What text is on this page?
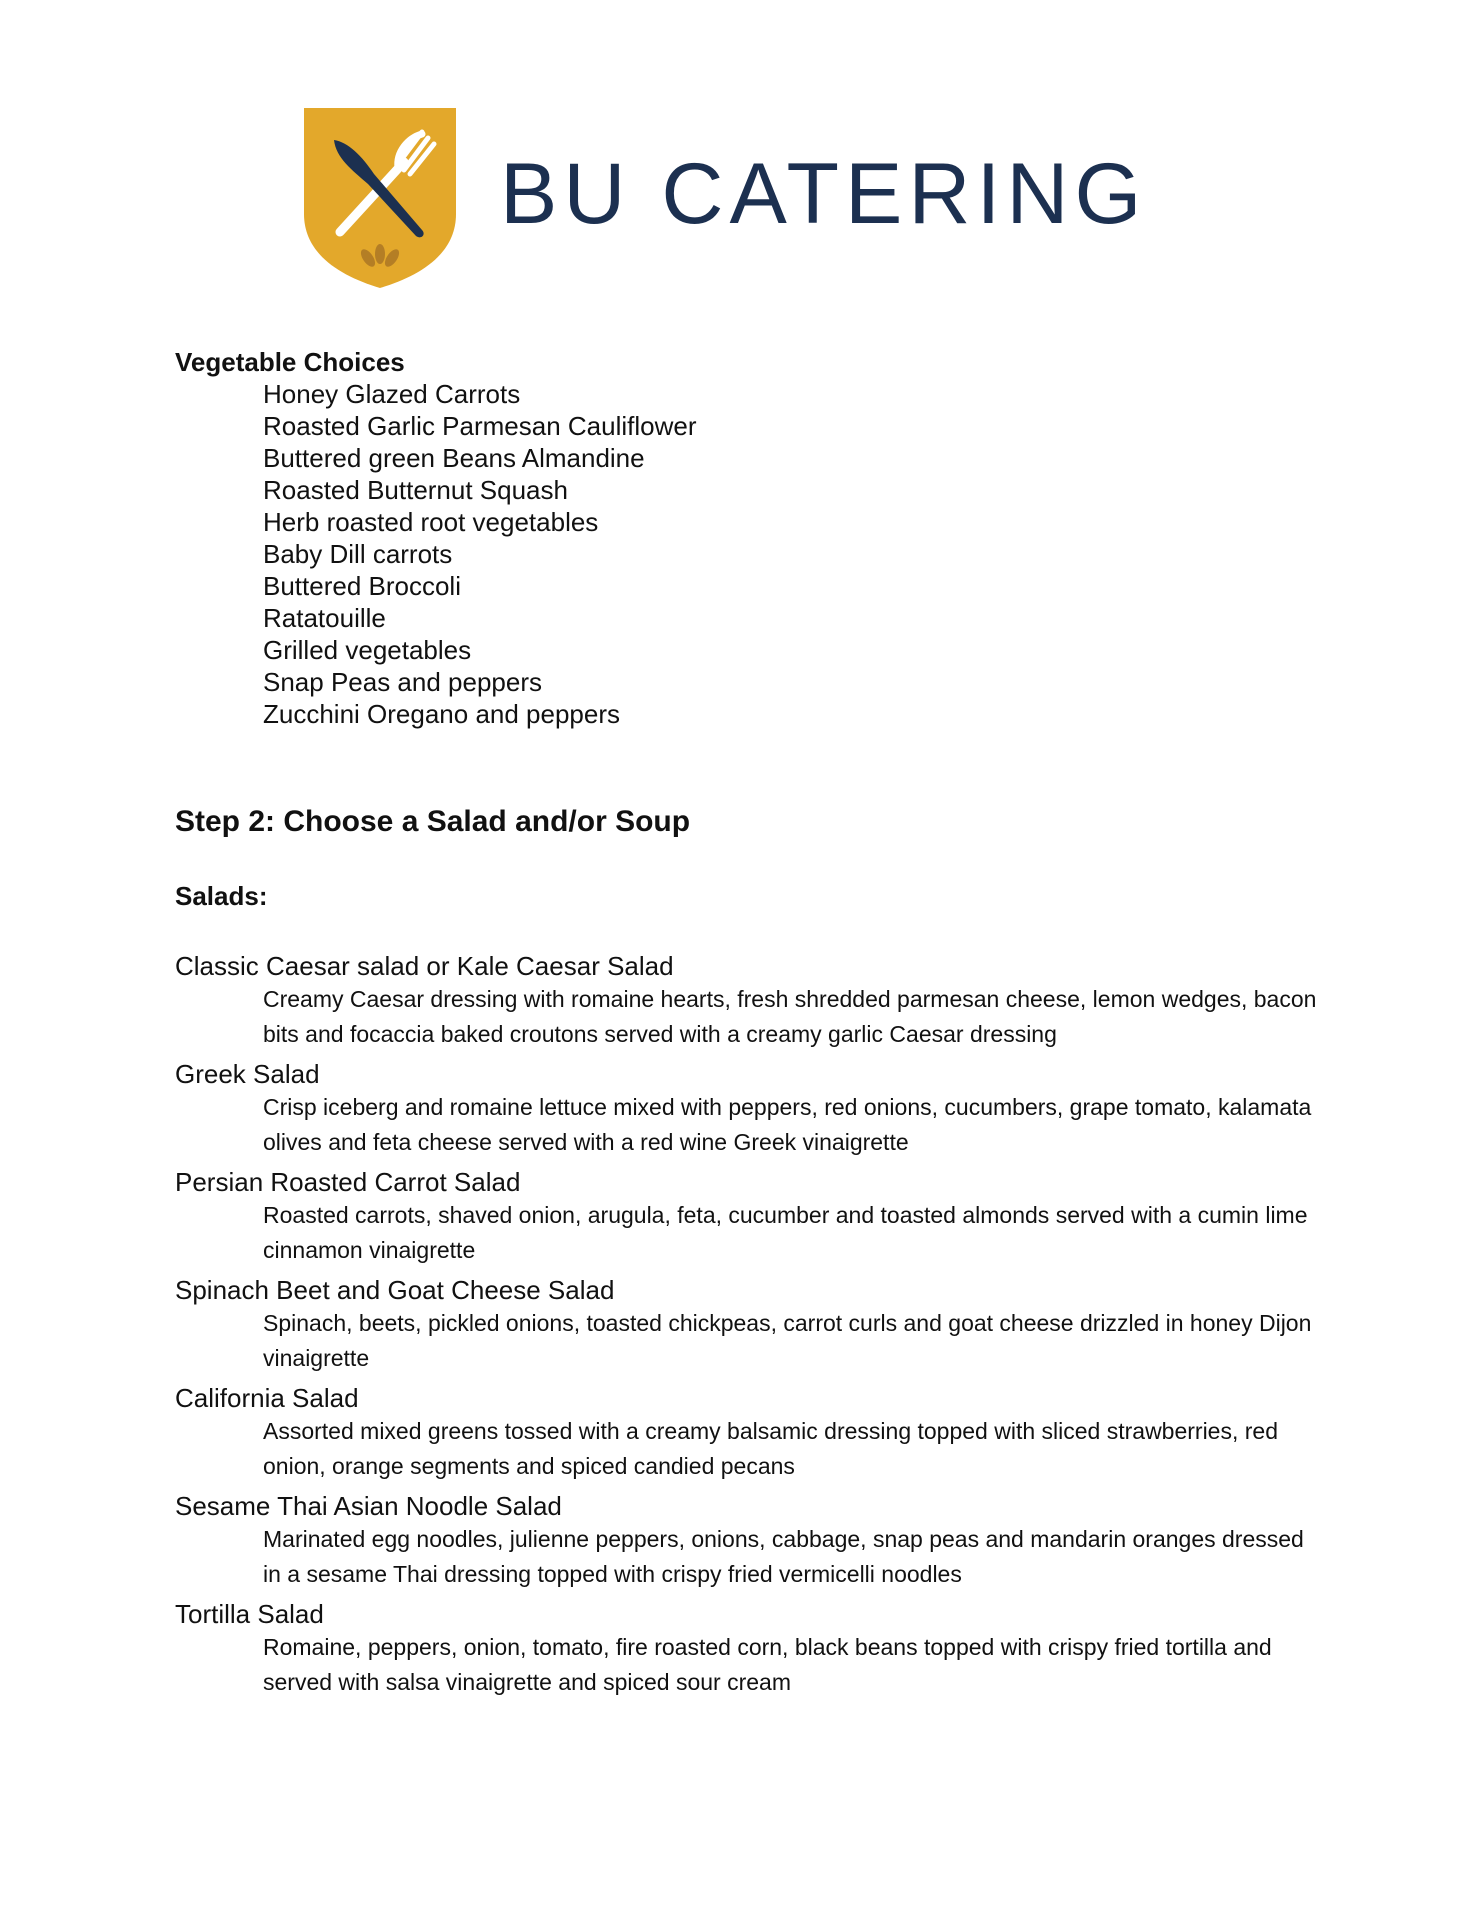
BU CATERING
Vegetable Choices
Honey Glazed Carrots
Roasted Garlic Parmesan Cauliflower
Buttered green Beans Almandine
Roasted Butternut Squash
Herb roasted root vegetables
Baby Dill carrots
Buttered Broccoli
Ratatouille
Grilled vegetables
Snap Peas and peppers
Zucchini Oregano and peppers
Step 2: Choose a Salad and/or Soup
Salads:
Classic Caesar salad or Kale Caesar Salad
Creamy Caesar dressing with romaine hearts, fresh shredded parmesan cheese, lemon wedges, bacon bits and focaccia baked croutons served with a creamy garlic Caesar dressing
Greek Salad
Crisp iceberg and romaine lettuce mixed with peppers, red onions, cucumbers, grape tomato, kalamata olives and feta cheese served with a red wine Greek vinaigrette
Persian Roasted Carrot Salad
Roasted carrots, shaved onion, arugula, feta, cucumber and toasted almonds served with a cumin lime cinnamon vinaigrette
Spinach Beet and Goat Cheese Salad
Spinach, beets, pickled onions, toasted chickpeas, carrot curls and goat cheese drizzled in honey Dijon vinaigrette
California Salad
Assorted mixed greens tossed with a creamy balsamic dressing topped with sliced strawberries, red onion, orange segments and spiced candied pecans
Sesame Thai Asian Noodle Salad
Marinated egg noodles, julienne peppers, onions, cabbage, snap peas and mandarin oranges dressed in a sesame Thai dressing topped with crispy fried vermicelli noodles
Tortilla Salad
Romaine, peppers, onion, tomato, fire roasted corn, black beans topped with crispy fried tortilla and served with salsa vinaigrette and spiced sour cream
